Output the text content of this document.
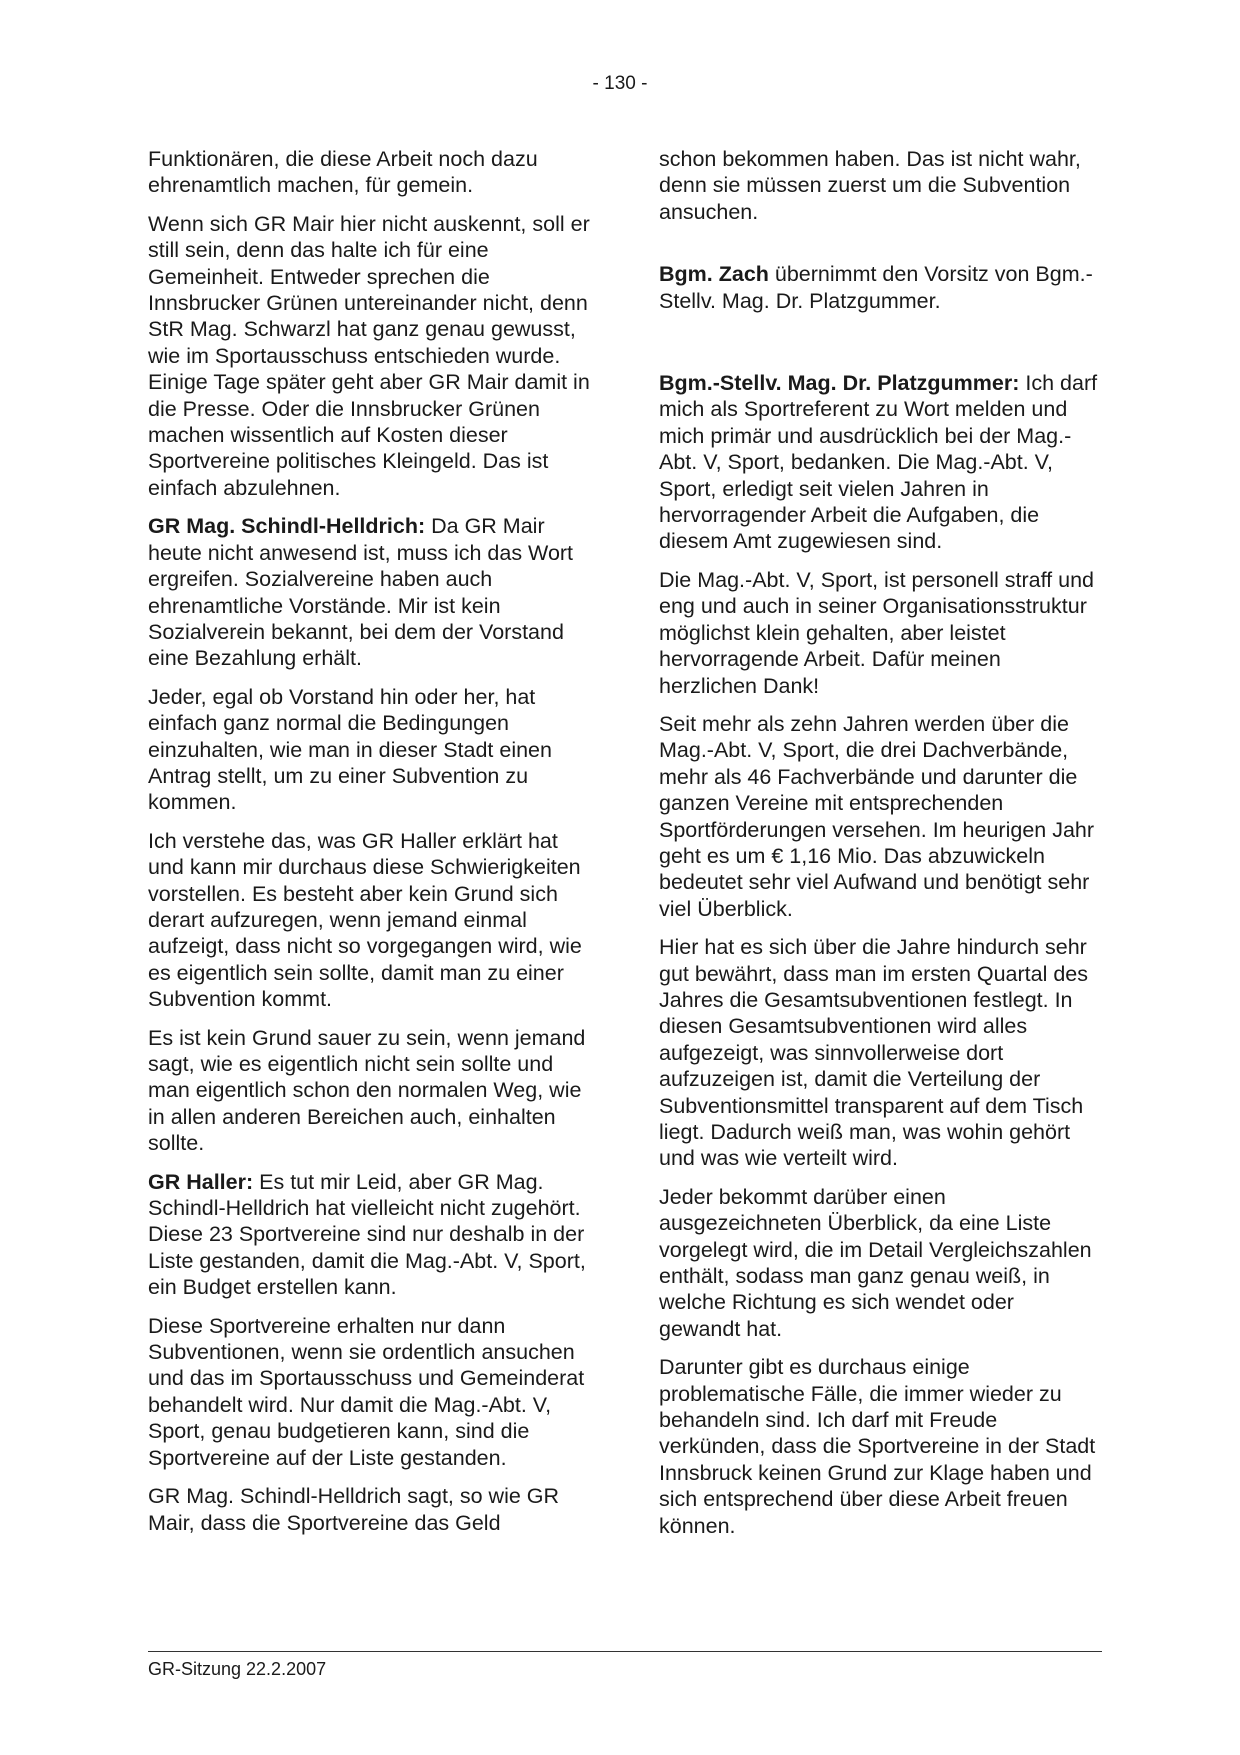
- 130 -

Funktionären, die diese Arbeit noch dazu ehrenamtlich machen, für gemein.

Wenn sich GR Mair hier nicht auskennt, soll er still sein, denn das halte ich für eine Gemeinheit. Entweder sprechen die Innsbrucker Grünen untereinander nicht, denn StR Mag. Schwarzl hat ganz genau gewusst, wie im Sportausschuss entschieden wurde. Einige Tage später geht aber GR Mair damit in die Presse. Oder die Innsbrucker Grünen machen wissentlich auf Kosten dieser Sportvereine politisches Kleingeld. Das ist einfach abzulehnen.

GR Mag. Schindl-Helldrich: Da GR Mair heute nicht anwesend ist, muss ich das Wort ergreifen. Sozialvereine haben auch ehrenamtliche Vorstände. Mir ist kein Sozialverein bekannt, bei dem der Vorstand eine Bezahlung erhält.

Jeder, egal ob Vorstand hin oder her, hat einfach ganz normal die Bedingungen einzuhalten, wie man in dieser Stadt einen Antrag stellt, um zu einer Subvention zu kommen.

Ich verstehe das, was GR Haller erklärt hat und kann mir durchaus diese Schwierigkeiten vorstellen. Es besteht aber kein Grund sich derart aufzuregen, wenn jemand einmal aufzeigt, dass nicht so vorgegangen wird, wie es eigentlich sein sollte, damit man zu einer Subvention kommt.

Es ist kein Grund sauer zu sein, wenn jemand sagt, wie es eigentlich nicht sein sollte und man eigentlich schon den normalen Weg, wie in allen anderen Bereichen auch, einhalten sollte.

GR Haller: Es tut mir Leid, aber GR Mag. Schindl-Helldrich hat vielleicht nicht zugehört. Diese 23 Sportvereine sind nur deshalb in der Liste gestanden, damit die Mag.-Abt. V, Sport, ein Budget erstellen kann.

Diese Sportvereine erhalten nur dann Subventionen, wenn sie ordentlich ansuchen und das im Sportausschuss und Gemeinderat behandelt wird. Nur damit die Mag.-Abt. V, Sport, genau budgetieren kann, sind die Sportvereine auf der Liste gestanden.

GR Mag. Schindl-Helldrich sagt, so wie GR Mair, dass die Sportvereine das Geld

schon bekommen haben. Das ist nicht wahr, denn sie müssen zuerst um die Subvention ansuchen.

Bgm. Zach übernimmt den Vorsitz von Bgm.-Stellv. Mag. Dr. Platzgummer.

Bgm.-Stellv. Mag. Dr. Platzgummer: Ich darf mich als Sportreferent zu Wort melden und mich primär und ausdrücklich bei der Mag.-Abt. V, Sport, bedanken. Die Mag.-Abt. V, Sport, erledigt seit vielen Jahren in hervorragender Arbeit die Aufgaben, die diesem Amt zugewiesen sind.

Die Mag.-Abt. V, Sport, ist personell straff und eng und auch in seiner Organisationsstruktur möglichst klein gehalten, aber leistet hervorragende Arbeit. Dafür meinen herzlichen Dank!

Seit mehr als zehn Jahren werden über die Mag.-Abt. V, Sport, die drei Dachverbände, mehr als 46 Fachverbände und darunter die ganzen Vereine mit entsprechenden Sportförderungen versehen. Im heurigen Jahr geht es um € 1,16 Mio. Das abzuwickeln bedeutet sehr viel Aufwand und benötigt sehr viel Überblick.

Hier hat es sich über die Jahre hindurch sehr gut bewährt, dass man im ersten Quartal des Jahres die Gesamtsubventionen festlegt. In diesen Gesamtsubventionen wird alles aufgezeigt, was sinnvollerweise dort aufzuzeigen ist, damit die Verteilung der Subventionsmittel transparent auf dem Tisch liegt. Dadurch weiß man, was wohin gehört und was wie verteilt wird.

Jeder bekommt darüber einen ausgezeichneten Überblick, da eine Liste vorgelegt wird, die im Detail Vergleichszahlen enthält, sodass man ganz genau weiß, in welche Richtung es sich wendet oder gewandt hat.

Darunter gibt es durchaus einige problematische Fälle, die immer wieder zu behandeln sind. Ich darf mit Freude verkünden, dass die Sportvereine in der Stadt Innsbruck keinen Grund zur Klage haben und sich entsprechend über diese Arbeit freuen können.

GR-Sitzung 22.2.2007
